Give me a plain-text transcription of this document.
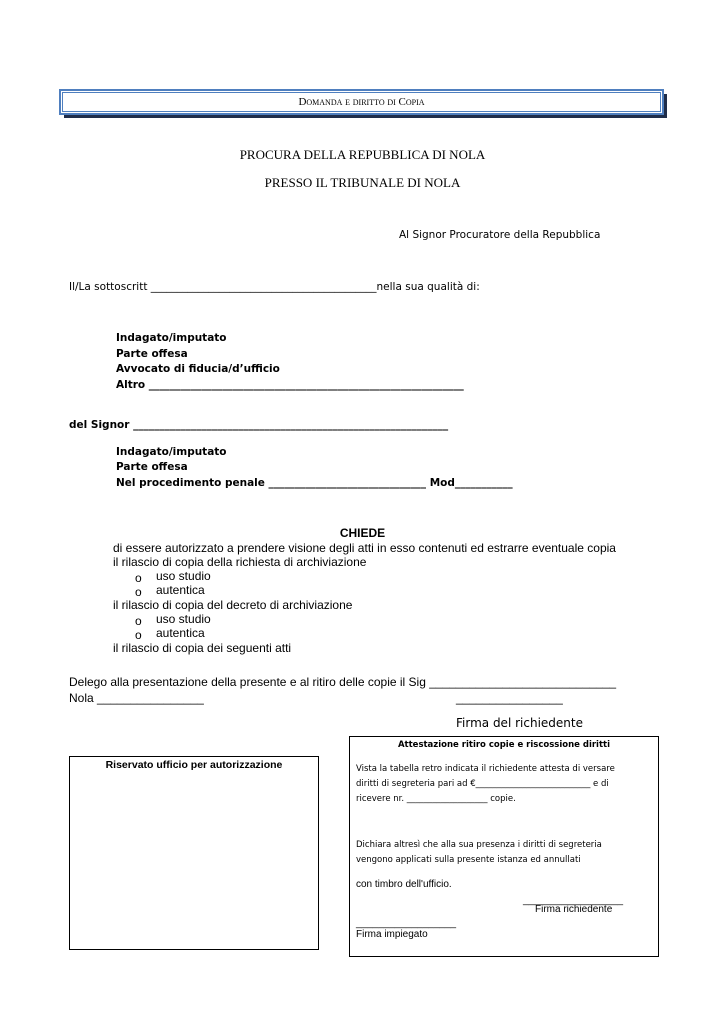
Domanda e diritto di Copia
PROCURA DELLA REPUBBLICA DI NOLA
PRESSO IL TRIBUNALE DI NOLA
Al Signor Procuratore della Repubblica
Il/La sottoscritt ___________________________________________nella sua qualità di:
Indagato/imputato
Parte offesa
Avvocato di fiducia/d’ufficio
Altro ____________________________________________________________
del Signor ____________________________________________________________
Indagato/imputato
Parte offesa
Nel procedimento penale ______________________________ Mod___________
CHIEDE
di essere autorizzato a prendere visione degli atti in esso contenuti ed estrarre eventuale copia
il rilascio di copia della richiesta di archiviazione
o uso studio
o autentica
il rilascio di copia del decreto di archiviazione
o uso studio
o autentica
il rilascio di copia dei seguenti atti
Delego alla presentazione della presente e al ritiro delle copie il Sig ____________________________
Nola ________________	________________
Firma del richiedente
Riservato ufficio per autorizzazione
Attestazione ritiro copie e riscossione diritti
Vista la tabella retro indicata il richiedente attesta di versare
diritti di segreteria pari ad €___________________________ e di
ricevere nr. ___________________ copie.
Dichiara altresì che alla sua presenza i diritti di segreteria
vengono applicati sulla presente istanza ed annullati
con timbro dell'ufficio.
__________________
Firma richiedente
__________________
Firma impiegato
